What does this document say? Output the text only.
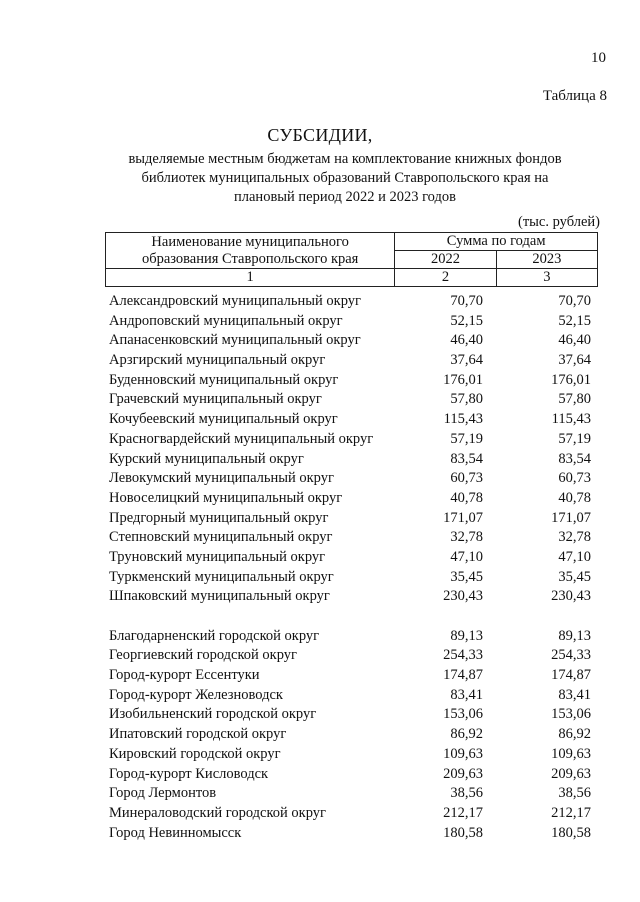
10
Таблица 8
СУБСИДИИ,
выделяемые местным бюджетам на комплектование книжных фондов
библиотек муниципальных образований Ставропольского края на
плановый период 2022 и 2023 годов
(тыс. рублей)
Наименование муниципального
образования Ставропольского края	Сумма по годам	
	2022	2023
1	2	3
Александровский муниципальный округ	70,70	70,70
Андроповский муниципальный округ	52,15	52,15
Апанасенковский муниципальный округ	46,40	46,40
Арзгирский муниципальный округ	37,64	37,64
Буденновский муниципальный округ	176,01	176,01
Грачевский муниципальный округ	57,80	57,80
Кочубеевский муниципальный округ	115,43	115,43
Красногвардейский муниципальный округ	57,19	57,19
Курский муниципальный округ	83,54	83,54
Левокумский муниципальный округ	60,73	60,73
Новоселицкий муниципальный округ	40,78	40,78
Предгорный муниципальный округ	171,07	171,07
Степновский муниципальный округ	32,78	32,78
Труновский муниципальный округ	47,10	47,10
Туркменский муниципальный округ	35,45	35,45
Шпаковский муниципальный округ	230,43	230,43
Благодарненский городской округ	89,13	89,13
Георгиевский городской округ	254,33	254,33
Город-курорт Ессентуки	174,87	174,87
Город-курорт Железноводск	83,41	83,41
Изобильненский городской округ	153,06	153,06
Ипатовский городской округ	86,92	86,92
Кировский городской округ	109,63	109,63
Город-курорт Кисловодск	209,63	209,63
Город Лермонтов	38,56	38,56
Минераловодский городской округ	212,17	212,17
Город Невинномысск	180,58	180,58
